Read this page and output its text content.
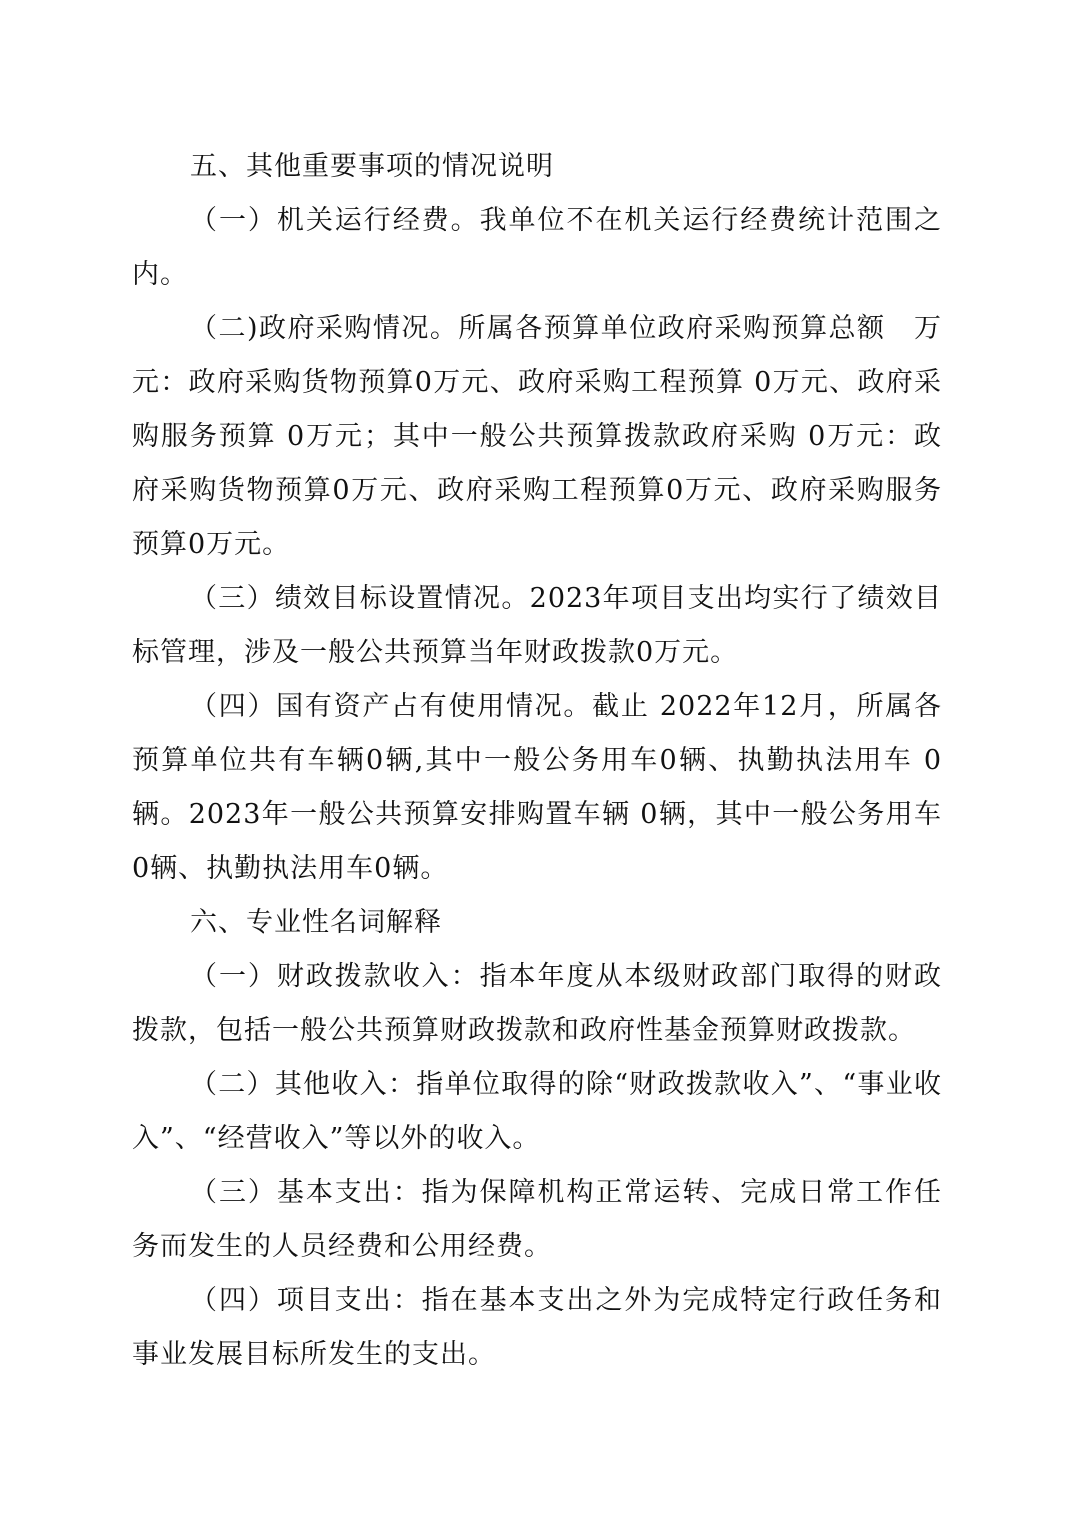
五、其他重要事项的情况说明

（一）机关运行经费。我单位不在机关运行经费统计范围之内。

（二)政府采购情况。所属各预算单位政府采购预算总额　万元：政府采购货物预算0万元、政府采购工程预算 0万元、政府采购服务预算 0万元；其中一般公共预算拨款政府采购 0万元：政府采购货物预算0万元、政府采购工程预算0万元、政府采购服务预算0万元。

（三）绩效目标设置情况。2023年项目支出均实行了绩效目标管理，涉及一般公共预算当年财政拨款0万元。

（四）国有资产占有使用情况。截止 2022年12月，所属各预算单位共有车辆0辆,其中一般公务用车0辆、执勤执法用车 0辆。2023年一般公共预算安排购置车辆 0辆，其中一般公务用车0辆、执勤执法用车0辆。

六、专业性名词解释

（一）财政拨款收入：指本年度从本级财政部门取得的财政拨款，包括一般公共预算财政拨款和政府性基金预算财政拨款。

（二）其他收入：指单位取得的除“财政拨款收入”、“事业收入”、“经营收入”等以外的收入。

（三）基本支出：指为保障机构正常运转、完成日常工作任务而发生的人员经费和公用经费。

（四）项目支出：指在基本支出之外为完成特定行政任务和事业发展目标所发生的支出。
